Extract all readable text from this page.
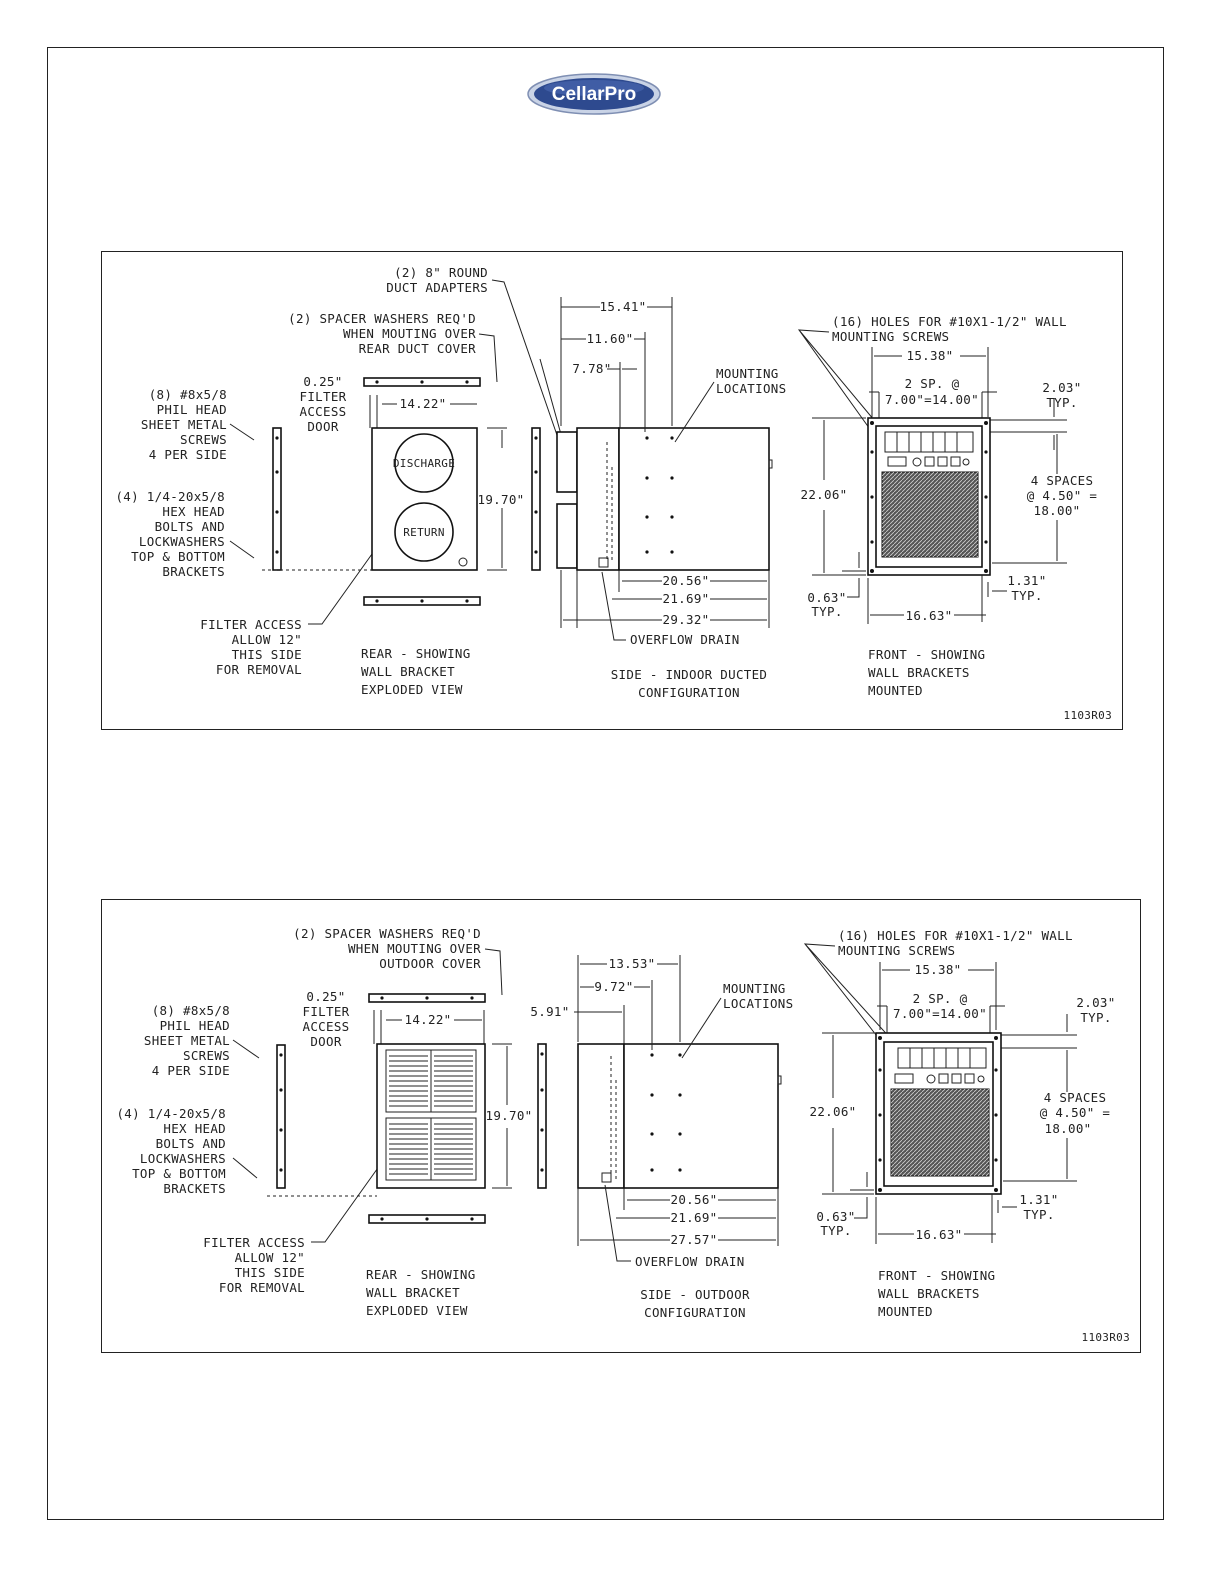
CellarPro
(8) #8x5/8
PHIL HEAD
SHEET METAL
SCREWS
4 PER SIDE
(4) 1/4-20x5/8
HEX HEAD
BOLTS AND
LOCKWASHERS
TOP & BOTTOM
BRACKETS
FILTER ACCESS
ALLOW 12"
THIS SIDE
FOR REMOVAL
(2) SPACER WASHERS REQ'D
WHEN MOUTING OVER
REAR DUCT COVER
(2) 8" ROUND
DUCT ADAPTERS
0.25"
FILTER
ACCESS
DOOR
14.22"
DISCHARGE
RETURN
19.70"
REAR - SHOWING
WALL BRACKET
EXPLODED VIEW
15.41"
11.60"
7.78"	MOUNTING
LOCATIONS
20.56"
21.69"
29.32"
OVERFLOW DRAIN
SIDE - INDOOR DUCTED
CONFIGURATION
(16) HOLES FOR #10X1-1/2" WALL
MOUNTING SCREWS
15.38"
2 SP. @
7.00"=14.00"
2.03"
TYP.
22.06"
4 SPACES
@ 4.50" =
18.00"
0.63"
TYP.
1.31"
TYP.
16.63"
FRONT - SHOWING
WALL BRACKETS
MOUNTED
1103R03
(2) SPACER WASHERS REQ'D
WHEN MOUTING OVER
OUTDOOR COVER
(8) #8x5/8
PHIL HEAD
SHEET METAL
SCREWS
4 PER SIDE
(4) 1/4-20x5/8
HEX HEAD
BOLTS AND
LOCKWASHERS
TOP & BOTTOM
BRACKETS
FILTER ACCESS
ALLOW 12"
THIS SIDE
FOR REMOVAL
0.25"
FILTER
ACCESS
DOOR
14.22"
19.70"
REAR - SHOWING
WALL BRACKET
EXPLODED VIEW
13.53"
9.72"
5.91"
MOUNTING
LOCATIONS
20.56"
21.69"
27.57"
OVERFLOW DRAIN
SIDE - OUTDOOR
CONFIGURATION
(16) HOLES FOR #10X1-1/2" WALL
MOUNTING SCREWS
15.38"
2 SP. @
7.00"=14.00"
2.03"
TYP.
22.06"
4 SPACES
@ 4.50" =
18.00"
0.63"
TYP.
1.31"
TYP.
16.63"
FRONT - SHOWING
WALL BRACKETS
MOUNTED
1103R03
